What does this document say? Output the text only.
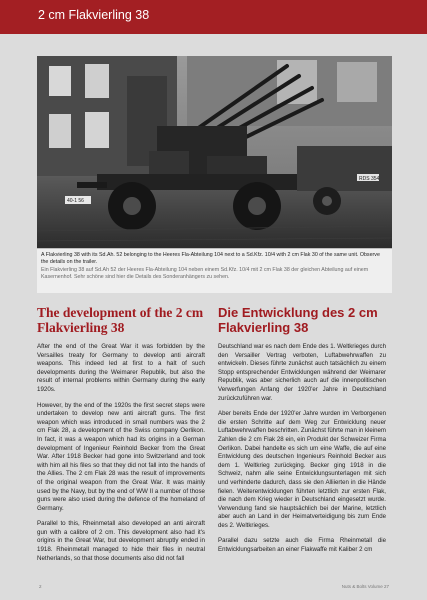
2 cm Flakvierling 38
RDS 354
40-1 56

A Flakvierling 38 with its Sd.Ah. 52 belonging to the Heeres Fla-Abteilung 104 next to a Sd.Kfz. 10/4 with 2 cm Flak 30 of the same unit. Observe the details on the trailer.

Ein Flakvierling 38 auf Sd.Ah 52 der Heeres Fla-Abteilung 104 neben einem Sd.Kfz. 10/4 mit 2 cm Flak 38 der gleichen Abteilung auf einem Kasernenhof. Sehr schöne sind hier die Details des Sonderanhängers zu sehen.

The development of the 2 cm Flakvierling 38

After the end of the Great War it was forbidden by the Versailles treaty for Germany to develop anti aircraft weapons. This indeed led at first to a halt of such developments during the Weimarer Republik, but also the result of internal problems within Germany during the early 1920s.

However, by the end of the 1920s the first secret steps were undertaken to develop new anti aircraft guns. The first weapon which was introduced in small numbers was the 2 cm Flak 28, a development of the Swiss company Oerlikon. In fact, it was a weapon which had its origins in a German development of Ingenieur Reinhold Becker from the Great War. After 1918 Becker had gone into Switzerland and took with him all his files so that they did not fall into the hands of the Allies. The 2 cm Flak 28 was the result of improvements of the original weapon from the Great War. It was mainly used by the Navy, but by the end of WW II a number of those guns were also used during the defence of the homeland of Germany.

Parallel to this, Rheinmetall also developed an anti aircraft gun with a calibre of 2 cm. This development also had it's origins in the Great War, but development abruptly ended in 1918. Rheinmetall managed to hide their files in neutral Netherlands, so that those documents also did not fall

Die Entwicklung des 2 cm Flakvierling 38

Deutschland war es nach dem Ende des 1. Weltkrieges durch den Versailler Vertrag verboten, Luftabwehrwaffen zu entwickeln. Dieses führte zunächst auch tatsächlich zu einem Stopp entsprechender Entwicklungen während der Weimarer Republik, was aber sicherlich auch auf die innenpolitischen Verwerfungen Anfang der 1920'er Jahre in Deutschland zurückzuführen war.

Aber bereits Ende der 1920'er Jahre wurden im Verborgenen die ersten Schritte auf dem Weg zur Entwicklung neuer Luftabwehrwaffen beschritten. Zunächst führte man in kleinem Zahlen die 2 cm Flak 28 ein, ein Produkt der Schweizer Firma Oerlikon. Dabei handelte es sich um eine Waffe, die auf eine Entwicklung des deutschen Ingenieurs Reinhold Becker aus dem 1. Weltkrieg zurückging. Becker ging 1918 in die Schweiz, nahm alle seine Entwicklungsunterlagen mit sich und verhinderte dadurch, dass sie den Alliierten in die Hände fielen. Weiterentwicklungen führten letztlich zur ersten Flak, die nach dem Krieg wieder in Deutschland eingesetzt wurde. Verwendung fand sie hauptsächlich bei der Marine, letztlich aber auch an Land in der Heimatverteidigung bis zum Ende des 2. Weltkrieges.

Parallel dazu setzte auch die Firma Rheinmetall die Entwicklungsarbeiten an einer Flakwaffe mit Kaliber 2 cm

2	Nuts & Bolts Volume 27
